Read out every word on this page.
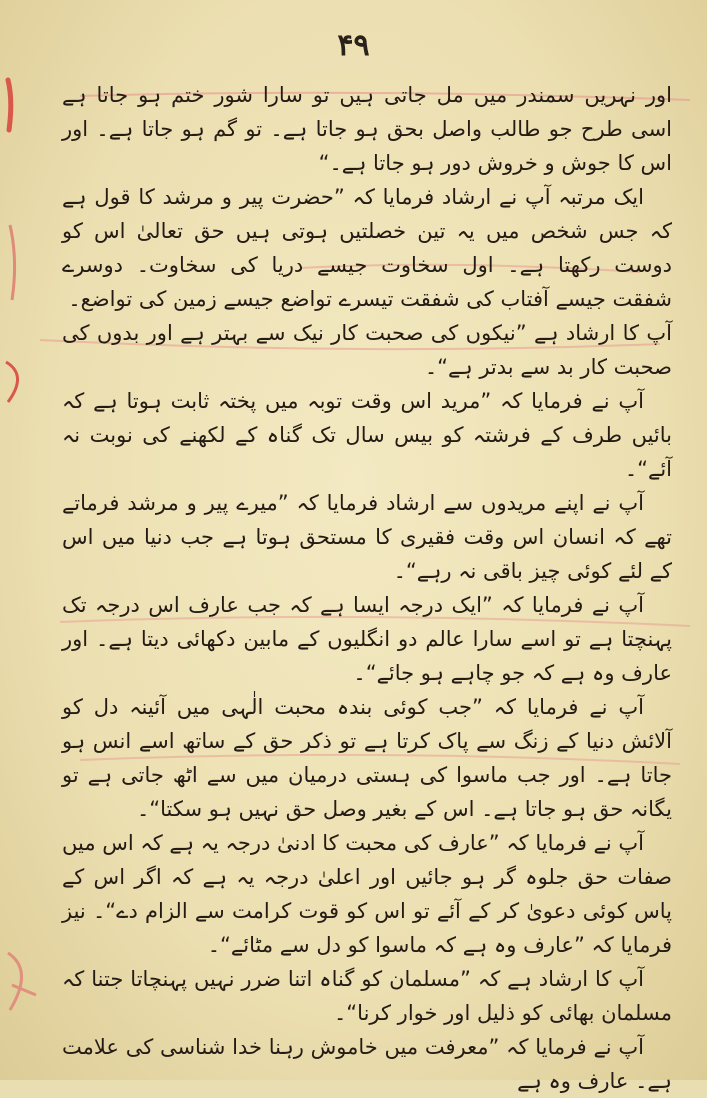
۴۹

اور نہریں سمندر میں مل جاتی ہیں تو سارا شور ختم ہو جاتا ہے اسی طرح جو طالب واصل بحق ہو جاتا ہے۔ تو گم ہو جاتا ہے۔ اور اس کا جوش و خروش دور ہو جاتا ہے۔“

ایک مرتبہ آپ نے ارشاد فرمایا کہ ”حضرت پیر و مرشد کا قول ہے کہ جس شخص میں یہ تین خصلتیں ہوتی ہیں حق تعالیٰ اس کو دوست رکھتا ہے۔ اول سخاوت جیسے دریا کی سخاوت۔ دوسرے شفقت جیسے آفتاب کی شفقت تیسرے تواضع جیسے زمین کی تواضع۔

آپ کا ارشاد ہے ”نیکوں کی صحبت کار نیک سے بہتر ہے اور بدوں کی صحبت کار بد سے بدتر ہے“۔

آپ نے فرمایا کہ ”مرید اس وقت توبہ میں پختہ ثابت ہوتا ہے کہ بائیں طرف کے فرشتہ کو بیس سال تک گناہ کے لکھنے کی نوبت نہ آئے“۔

آپ نے اپنے مریدوں سے ارشاد فرمایا کہ ”میرے پیر و مرشد فرماتے تھے کہ انسان اس وقت فقیری کا مستحق ہوتا ہے جب دنیا میں اس کے لئے کوئی چیز باقی نہ رہے“۔

آپ نے فرمایا کہ ”ایک درجہ ایسا ہے کہ جب عارف اس درجہ تک پہنچتا ہے تو اسے سارا عالم دو انگلیوں کے مابین دکھائی دیتا ہے۔ اور عارف وہ ہے کہ جو چاہے ہو جائے“۔

آپ نے فرمایا کہ ”جب کوئی بندہ محبت الٰہی میں آئینہ دل کو آلائش دنیا کے زنگ سے پاک کرتا ہے تو ذکر حق کے ساتھ اسے انس ہو جاتا ہے۔ اور جب ماسوا کی ہستی درمیان میں سے اٹھ جاتی ہے تو یگانہ حق ہو جاتا ہے۔ اس کے بغیر وصل حق نہیں ہو سکتا“۔

آپ نے فرمایا کہ ”عارف کی محبت کا ادنیٰ درجہ یہ ہے کہ اس میں صفات حق جلوہ گر ہو جائیں اور اعلیٰ درجہ یہ ہے کہ اگر اس کے پاس کوئی دعویٰ کر کے آئے تو اس کو قوت کرامت سے الزام دے“۔ نیز فرمایا کہ ”عارف وہ ہے کہ ماسوا کو دل سے مٹائے“۔

آپ کا ارشاد ہے کہ ”مسلمان کو گناہ اتنا ضرر نہیں پہنچاتا جتنا کہ مسلمان بھائی کو ذلیل اور خوار کرنا“۔

آپ نے فرمایا کہ ”معرفت میں خاموش رہنا خدا شناسی کی علامت ہے۔ عارف وہ ہے
